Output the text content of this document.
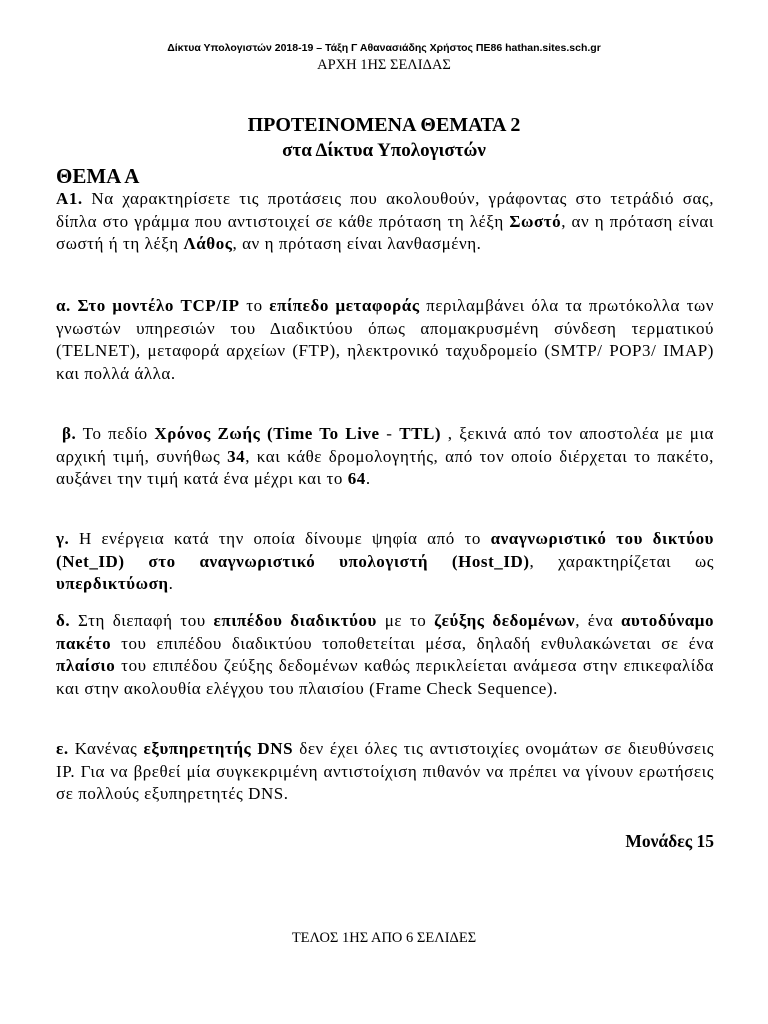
Δίκτυα Υπολογιστών 2018-19 – Τάξη Γ Αθανασιάδης Χρήστος ΠΕ86 hathan.sites.sch.gr
ΑΡΧΗ 1ΗΣ ΣΕΛΙΔΑΣ
ΠΡΟΤΕΙΝΟΜΕΝΑ ΘΕΜΑΤΑ 2
στα Δίκτυα Υπολογιστών
ΘΕΜΑ Α

Α1. Να χαρακτηρίσετε τις προτάσεις που ακολουθούν, γράφοντας στο τετράδιό σας, δίπλα στο γράμμα που αντιστοιχεί σε κάθε πρόταση τη λέξη Σωστό, αν η πρόταση είναι σωστή ή τη λέξη Λάθος, αν η πρόταση είναι λανθασμένη.

α. Στο μοντέλο TCP/IP το επίπεδο μεταφοράς περιλαμβάνει όλα τα πρωτόκολλα των γνωστών υπηρεσιών του Διαδικτύου όπως απομακρυσμένη σύνδεση τερματικού (TELNET), μεταφορά αρχείων (FTP), ηλεκτρονικό ταχυδρομείο (SMTP/ POP3/ IMAP) και πολλά άλλα.

β. Το πεδίο Χρόνος Ζωής (Time To Live - TTL) , ξεκινά από τον αποστολέα με μια αρχική τιμή, συνήθως 34, και κάθε δρομολογητής, από τον οποίο διέρχεται το πακέτο, αυξάνει την τιμή κατά ένα μέχρι και το 64.

γ. Η ενέργεια κατά την οποία δίνουμε ψηφία από το αναγνωριστικό του δικτύου (Net_ID) στο αναγνωριστικό υπολογιστή (Host_ID), χαρακτηρίζεται ως υπερδικτύωση.

δ. Στη διεπαφή του επιπέδου διαδικτύου με το ζεύξης δεδομένων, ένα αυτοδύναμο πακέτο του επιπέδου διαδικτύου τοποθετείται μέσα, δηλαδή ενθυλακώνεται σε ένα πλαίσιο του επιπέδου ζεύξης δεδομένων καθώς περικλείεται ανάμεσα στην επικεφαλίδα και στην ακολουθία ελέγχου του πλαισίου (Frame Check Sequence).

ε. Κανένας εξυπηρετητής DNS δεν έχει όλες τις αντιστοιχίες ονομάτων σε διευθύνσεις IP. Για να βρεθεί μία συγκεκριμένη αντιστοίχιση πιθανόν να πρέπει να γίνουν ερωτήσεις σε πολλούς εξυπηρετητές DNS.

Μονάδες 15
ΤΕΛΟΣ 1ΗΣ ΑΠΟ 6 ΣΕΛΙΔΕΣ
